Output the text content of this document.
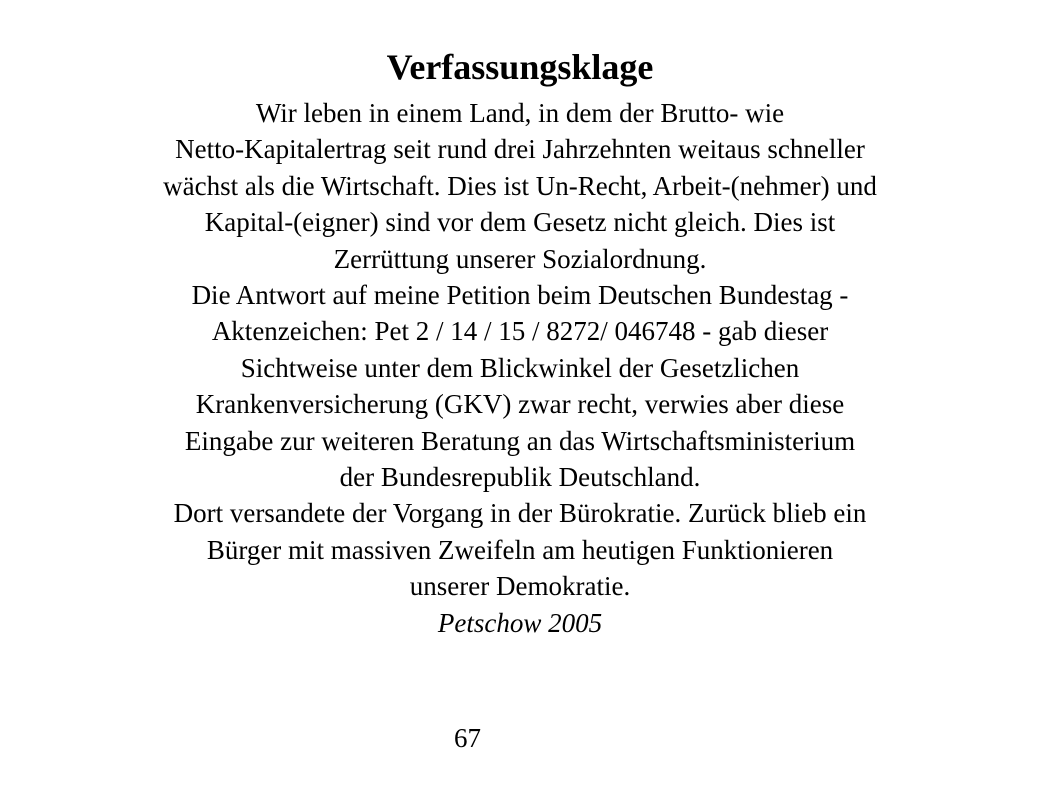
Verfassungsklage
Wir leben in einem Land, in dem der Brutto- wie
Netto-Kapitalertrag seit rund drei Jahrzehnten weitaus schneller
wächst als die Wirtschaft. Dies ist Un-Recht, Arbeit-(nehmer) und
Kapital-(eigner) sind vor dem Gesetz nicht gleich. Dies ist
Zerrüttung unserer Sozialordnung.
Die Antwort auf meine Petition beim Deutschen Bundestag -
Aktenzeichen: Pet 2 / 14 / 15 / 8272/ 046748 - gab dieser
Sichtweise unter dem Blickwinkel der Gesetzlichen
Krankenversicherung (GKV) zwar recht, verwies aber diese
Eingabe zur weiteren Beratung an das Wirtschaftsministerium
der Bundesrepublik Deutschland.
Dort versandete der Vorgang in der Bürokratie. Zurück blieb ein
Bürger mit massiven Zweifeln am heutigen Funktionieren
unserer Demokratie.
Petschow 2005
67
